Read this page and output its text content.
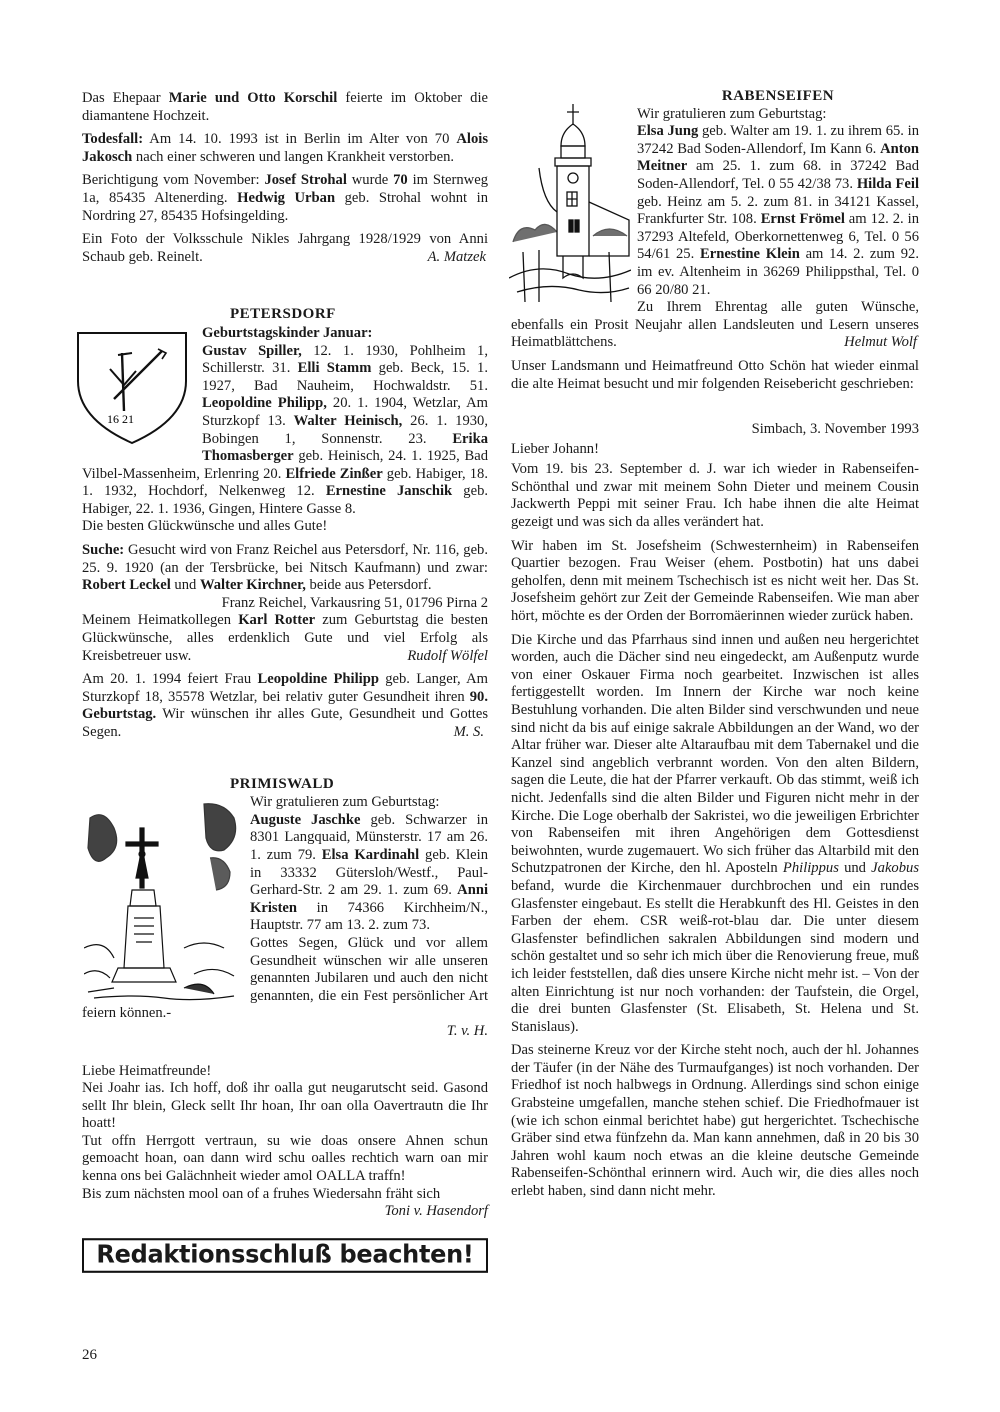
Das Ehepaar Marie und Otto Korschil feierte im Oktober die diamantene Hochzeit.

Todesfall: Am 14. 10. 1993 ist in Berlin im Alter von 70 Alois Jakosch nach einer schweren und langen Krankheit verstorben.

Berichtigung vom November: Josef Strohal wurde 70 im Sternweg 1a, 85435 Altenerding. Hedwig Urban geb. Strohal wohnt in Nordring 27, 85435 Hofsingelding.

Ein Foto der Volksschule Nikles Jahrgang 1928/1929 von Anni Schaub geb. Reinelt.	A. Matzek

PETERSDORF
16 21
Geburtstagskinder Januar:

Gustav Spiller, 12. 1. 1930, Pohlheim 1, Schillerstr. 31. Elli Stamm geb. Beck, 15. 1. 1927, Bad Nauheim, Hochwaldstr. 51. Leopoldine Philipp, 20. 1. 1904, Wetzlar, Am Sturzkopf 13. Walter Heinisch, 26. 1. 1930, Bobingen 1, Sonnenstr. 23. Erika Thomasberger geb. Heinisch, 24. 1. 1925, Bad Vilbel-Massenheim, Erlenring 20. Elfriede Zinßer geb. Habiger, 18. 1. 1932, Hochdorf, Nelkenweg 12. Ernestine Janschik geb. Habiger, 22. 1. 1936, Gingen, Hintere Gasse 8.
Die besten Glückwünsche und alles Gute!

Suche: Gesucht wird von Franz Reichel aus Petersdorf, Nr. 116, geb. 25. 9. 1920 (an der Tersbrücke, bei Nitsch Kaufmann) und zwar: Robert Leckel und Walter Kirchner, beide aus Petersdorf.
Franz Reichel, Varkausring 51, 01796 Pirna 2

Meinem Heimatkollegen Karl Rotter zum Geburtstag die besten Glückwünsche, alles erdenklich Gute und viel Erfolg als Kreisbetreuer usw.	Rudolf Wölfel

Am 20. 1. 1994 feiert Frau Leopoldine Philipp geb. Langer, Am Sturzkopf 18, 35578 Wetzlar, bei relativ guter Gesundheit ihren 90. Geburtstag. Wir wünschen ihr alles Gute, Gesundheit und Gottes Segen.	M. S.

PRIMISWALD
Wir gratulieren zum Geburtstag:

Auguste Jaschke geb. Schwarzer in 8301 Langquaid, Münsterstr. 17 am 26. 1. zum 79. Elsa Kardinahl geb. Klein in 33332 Gütersloh/Westf., Paul-Gerhard-Str. 2 am 29. 1. zum 69. Anni Kristen in 74366 Kirchheim/N., Hauptstr. 77 am 13. 2. zum 73.

Gottes Segen, Glück und vor allem Gesundheit wünschen wir alle unseren genannten Jubilaren und auch den nicht genannten, die ein Fest persönlicher Art feiern können.-

T. v. H.
Liebe Heimatfreunde!
Nei Joahr ias. Ich hoff, doß ihr oalla gut neugarutscht seid. Gasond sellt Ihr blein, Gleck sellt Ihr hoan, Ihr oan olla Oavertrautn die Ihr hoatt!
Tut offn Herrgott vertraun, su wie doas onsere Ahnen schun gemoacht hoan, oan dann wird schu oalles rechtich warn oan mir kenna ons bei Galächnheit wieder amol OALLA traffn!
Bis zum nächsten mool oan of a fruhes Wiedersahn fräht sich
Toni v. Hasendorf
Redaktionsschluß beachten!
RABENSEIFEN
Wir gratulieren zum Geburtstag:

Elsa Jung geb. Walter am 19. 1. zu ihrem 65. in 37242 Bad Soden-Allendorf, Im Kann 6. Anton Meitner am 25. 1. zum 68. in 37242 Bad Soden-Allendorf, Tel. 0 55 42/38 73. Hilda Feil geb. Heinz am 5. 2. zum 81. in 34121 Kassel, Frankfurter Str. 108. Ernst Frömel am 12. 2. in 37293 Altefeld, Oberkornettenweg 6, Tel. 0 56 54/61 25. Ernestine Klein am 14. 2. zum 92. im ev. Altenheim in 36269 Philippsthal, Tel. 0 66 20/80 21.

Zu Ihrem Ehrentag alle guten Wünsche, ebenfalls ein Prosit Neujahr allen Landsleuten und Lesern unseres Heimatblättchens.	Helmut Wolf

Unser Landsmann und Heimatfreund Otto Schön hat wieder einmal die alte Heimat besucht und mir folgenden Reisebericht geschrieben:

Simbach, 3. November 1993
Lieber Johann!

Vom 19. bis 23. September d. J. war ich wieder in Rabenseifen-Schönthal und zwar mit meinem Sohn Dieter und meinem Cousin Jackwerth Peppi mit seiner Frau. Ich habe ihnen die alte Heimat gezeigt und was sich da alles verändert hat.

Wir haben im St. Josefsheim (Schwesternheim) in Rabenseifen Quartier bezogen. Frau Weiser (ehem. Postbotin) hat uns dabei geholfen, denn mit meinem Tschechisch ist es nicht weit her. Das St. Josefsheim gehört zur Zeit der Gemeinde Rabenseifen. Wie man aber hört, möchte es der Orden der Borromäerinnen wieder zurück haben.

Die Kirche und das Pfarrhaus sind innen und außen neu hergerichtet worden, auch die Dächer sind neu eingedeckt, am Außenputz wurde von einer Oskauer Firma noch gearbeitet. Inzwischen ist alles fertiggestellt worden. Im Innern der Kirche war noch keine Bestuhlung vorhanden. Die alten Bilder sind verschwunden und neue sind nicht da bis auf einige sakrale Abbildungen an der Wand, wo der Altar früher war. Dieser alte Altaraufbau mit dem Tabernakel und die Kanzel sind angeblich verbrannt worden. Von den alten Bildern, sagen die Leute, die hat der Pfarrer verkauft. Ob das stimmt, weiß ich nicht. Jedenfalls sind die alten Bilder und Figuren nicht mehr in der Kirche. Die Loge oberhalb der Sakristei, wo die jeweiligen Erbrichter von Rabenseifen mit ihren Angehörigen dem Gottesdienst beiwohnten, wurde zugemauert. Wo sich früher das Altarbild mit den Schutzpatronen der Kirche, den hl. Aposteln Philippus und Jakobus befand, wurde die Kirchenmauer durchbrochen und ein rundes Glasfenster eingebaut. Es stellt die Herabkunft des Hl. Geistes in den Farben der ehem. CSR weiß-rot-blau dar. Die unter diesem Glasfenster befindlichen sakralen Abbildungen sind modern und schön gestaltet und so sehr ich mich über die Renovierung freue, muß ich leider feststellen, daß dies unsere Kirche nicht mehr ist. – Von der alten Einrichtung ist nur noch vorhanden: der Taufstein, die Orgel, die drei bunten Glasfenster (St. Elisabeth, St. Helena und St. Stanislaus).

Das steinerne Kreuz vor der Kirche steht noch, auch der hl. Johannes der Täufer (in der Nähe des Turmaufganges) ist noch vorhanden. Der Friedhof ist noch halbwegs in Ordnung. Allerdings sind schon einige Grabsteine umgefallen, manche stehen schief. Die Friedhofmauer ist (wie ich schon einmal berichtet habe) gut hergerichtet. Tschechische Gräber sind etwa fünfzehn da. Man kann annehmen, daß in 20 bis 30 Jahren wohl kaum noch etwas an die kleine deutsche Gemeinde Rabenseifen-Schönthal erinnern wird. Auch wir, die dies alles noch erlebt haben, sind dann nicht mehr.

26
